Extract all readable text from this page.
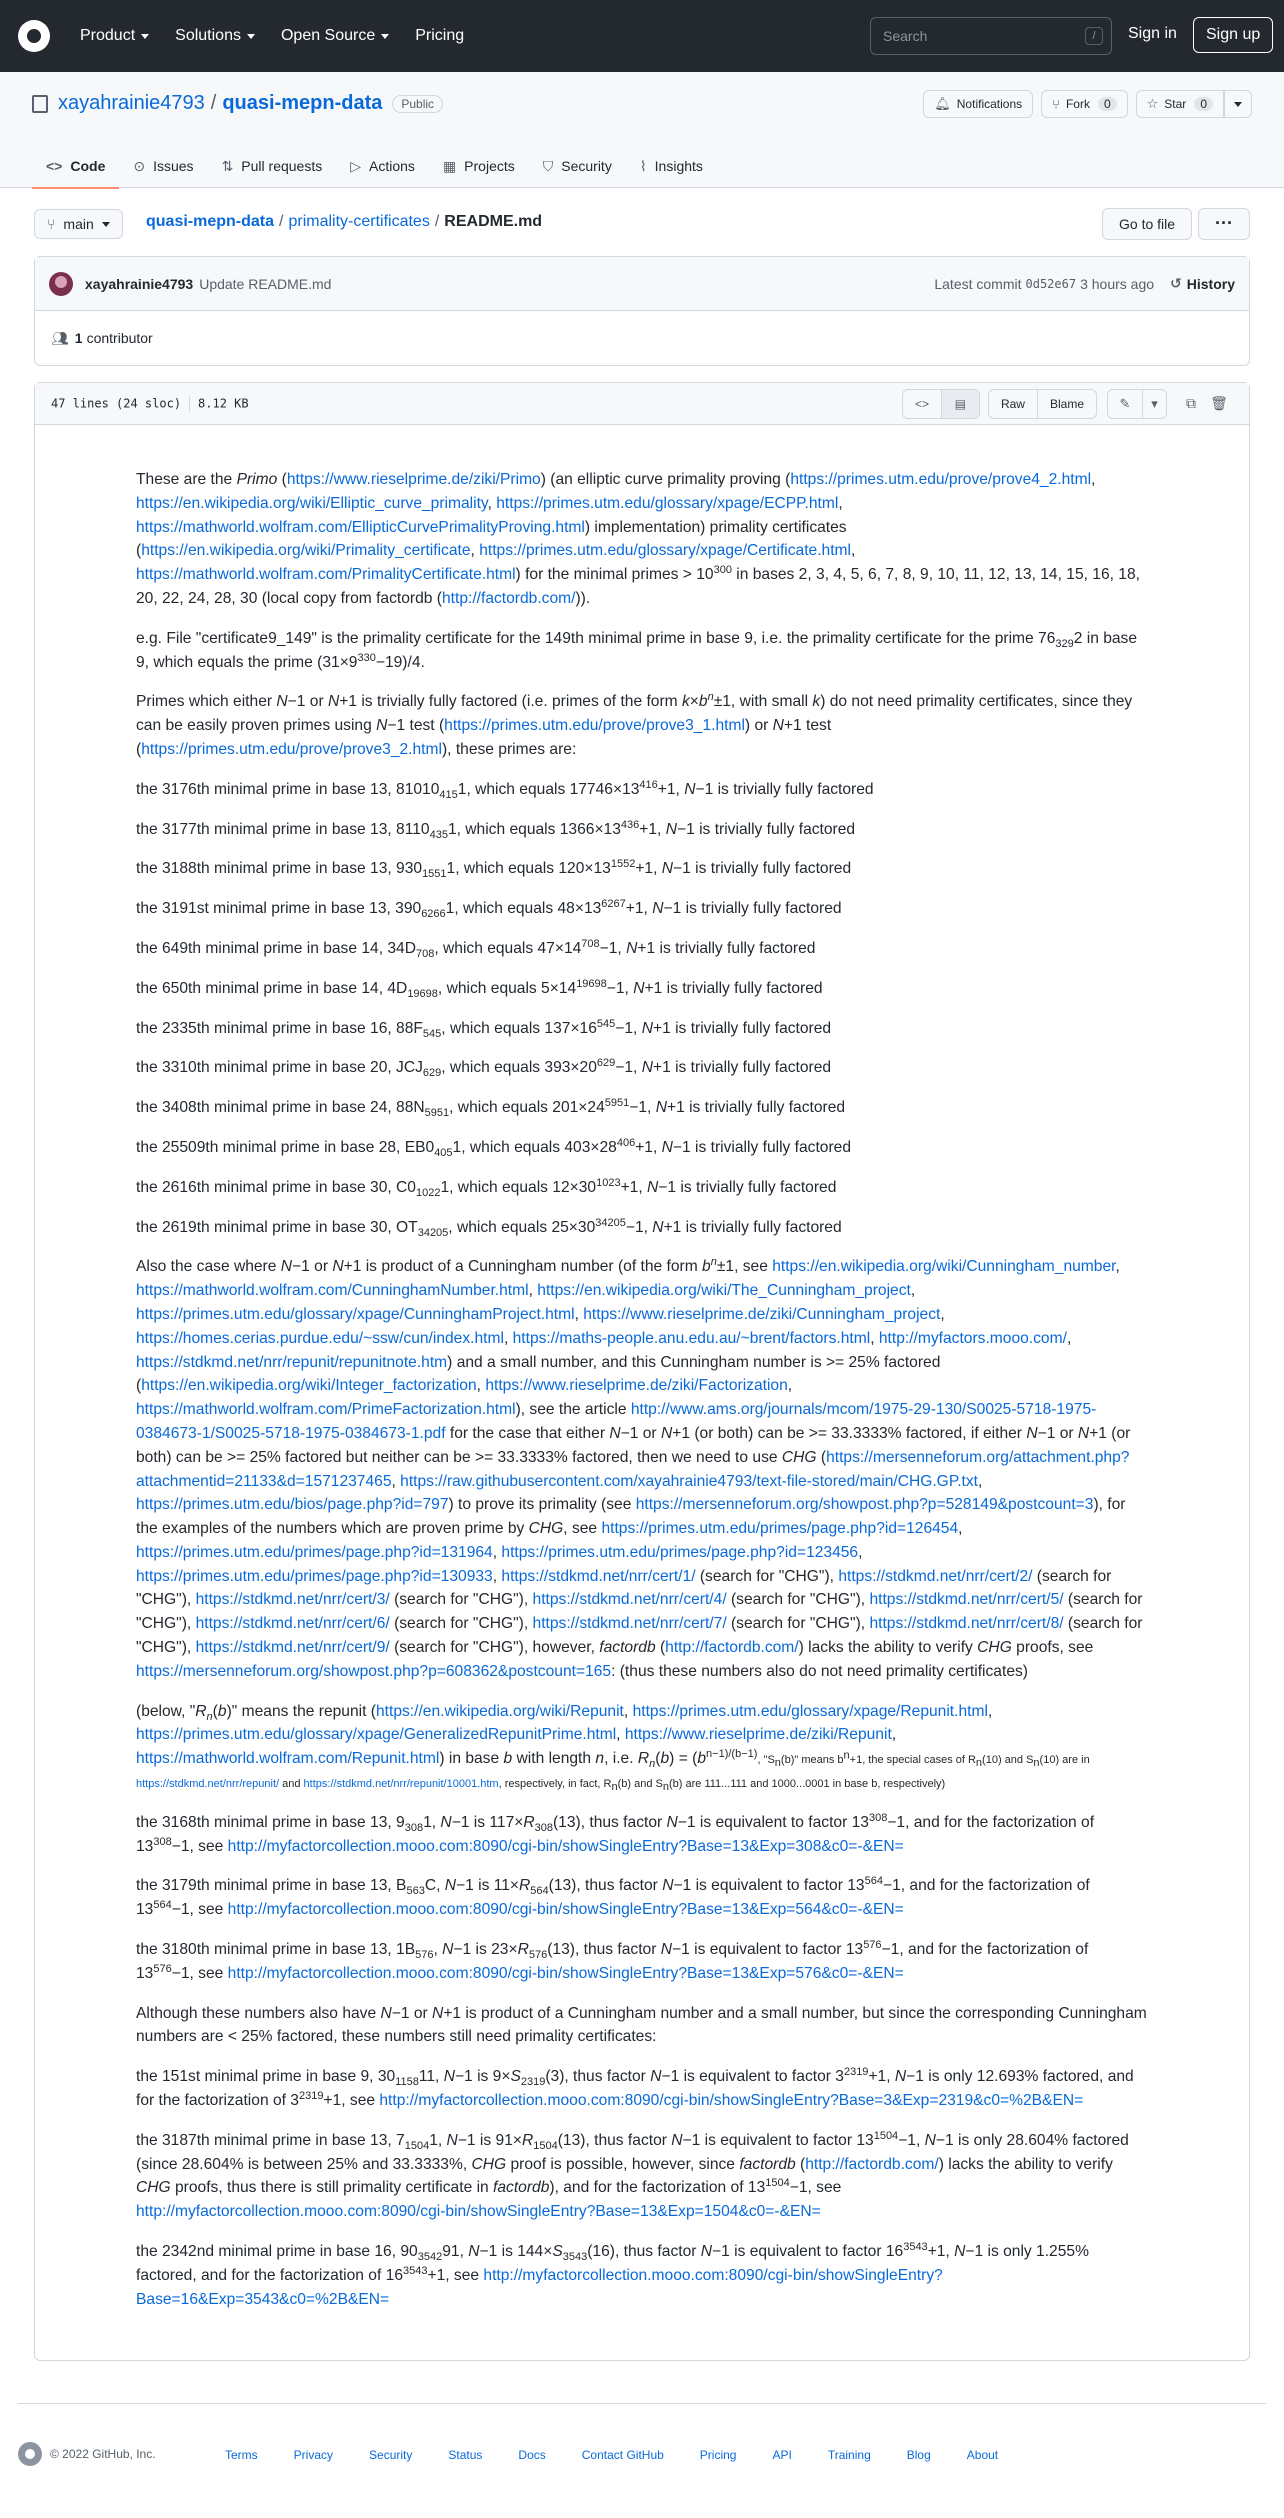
Product	Solutions	Open Source	Pricing	Search	/	Sign in	Sign up
xayahrainie4793 / quasi-mepn-data	Public	🔔︎ Notifications ⑂ Fork	0	☆ Star	0
<> Code ⊙ Issues ⇅ Pull requests ▷ Actions ▦ Projects ⛉ Security ⌇ Insights
⑂ main	quasi-mepn-data / primality-certificates / README.md	Go to file	···
xayahrainie4793 Update README.md	Latest commit 0d52e67 3 hours ago ↺ History
👥︎ 1 contributor
47 lines (24 sloc) 8.12 KB	<>	▤	Raw	Blame	✎	▾	⧉	🗑︎

These are the Primo (https://www.rieselprime.de/ziki/Primo) (an elliptic curve primality proving (https://primes.utm.edu/prove/prove4_2.html, https://en.wikipedia.org/wiki/Elliptic_curve_primality, https://primes.utm.edu/glossary/xpage/ECPP.html, https://mathworld.wolfram.com/EllipticCurvePrimalityProving.html) implementation) primality certificates (https://en.wikipedia.org/wiki/Primality_certificate, https://primes.utm.edu/glossary/xpage/Certificate.html, https://mathworld.wolfram.com/PrimalityCertificate.html) for the minimal primes > $10^{300}$ in bases 2, 3, 4, 5, 6, 7, 8, 9, 10, 11, 12, 13, 14, 15, 16, 18, 20, 22, 24, 28, 30 (local copy from factordb (http://factordb.com/)).

e.g. File "certificate9_149" is the primality certificate for the 149th minimal prime in base 9, i.e. the primality certificate for the prime $76_{329}2$ in base 9, which equals the prime $(31\times 9^{330}-19)/4$.

Primes which either N−1 or N+1 is trivially fully factored (i.e. primes of the form $k\times b^n\pm 1$, with small k) do not need primality certificates, since they can be easily proven primes using N−1 test (https://primes.utm.edu/prove/prove3_1.html) or N+1 test (https://primes.utm.edu/prove/prove3_2.html), these primes are:

the 3176th minimal prime in base 13, $81010_{415}1$, which equals $17746\times 13^{416}+1$, N−1 is trivially fully factored

the 3177th minimal prime in base 13, $8110_{435}1$, which equals $1366\times 13^{436}+1$, N−1 is trivially fully factored

the 3188th minimal prime in base 13, $930_{1551}1$, which equals $120\times 13^{1552}+1$, N−1 is trivially fully factored

the 3191st minimal prime in base 13, $390_{6266}1$, which equals $48\times 13^{6267}+1$, N−1 is trivially fully factored

the 649th minimal prime in base 14, $34D_{708}$, which equals $47\times 14^{708}-1$, N+1 is trivially fully factored

the 650th minimal prime in base 14, $4D_{19698}$, which equals $5\times 14^{19698}-1$, N+1 is trivially fully factored

the 2335th minimal prime in base 16, $88F_{545}$, which equals $137\times 16^{545}-1$, N+1 is trivially fully factored

the 3310th minimal prime in base 20, $JCJ_{629}$, which equals $393\times 20^{629}-1$, N+1 is trivially fully factored

the 3408th minimal prime in base 24, $88N_{5951}$, which equals $201\times 24^{5951}-1$, N+1 is trivially fully factored

the 25509th minimal prime in base 28, $EB0_{405}1$, which equals $403\times 28^{406}+1$, N−1 is trivially fully factored

the 2616th minimal prime in base 30, $C0_{1022}1$, which equals $12\times 30^{1023}+1$, N−1 is trivially fully factored

the 2619th minimal prime in base 30, $OT_{34205}$, which equals $25\times 30^{34205}-1$, N+1 is trivially fully factored

Also the case where N−1 or N+1 is product of a Cunningham number (of the form $b^n\pm 1$, see https://en.wikipedia.org/wiki/Cunningham_number, https://mathworld.wolfram.com/CunninghamNumber.html, https://en.wikipedia.org/wiki/The_Cunningham_project, https://primes.utm.edu/glossary/xpage/CunninghamProject.html, https://www.rieselprime.de/ziki/Cunningham_project, https://homes.cerias.purdue.edu/~ssw/cun/index.html, https://maths-people.anu.edu.au/~brent/factors.html, http://myfactors.mooo.com/, https://stdkmd.net/nrr/repunit/repunitnote.htm) and a small number, and this Cunningham number is >= 25% factored (https://en.wikipedia.org/wiki/Integer_factorization, https://www.rieselprime.de/ziki/Factorization, https://mathworld.wolfram.com/PrimeFactorization.html), see the article http://www.ams.org/journals/mcom/1975-29-130/S0025-5718-1975-0384673-1/S0025-5718-1975-0384673-1.pdf for the case that either N−1 or N+1 (or both) can be >= 33.3333% factored, if either N−1 or N+1 (or both) can be >= 25% factored but neither can be >= 33.3333% factored, then we need to use CHG (https://mersenneforum.org/attachment.php?attachmentid=21133&d=1571237465, https://raw.githubusercontent.com/xayahrainie4793/text-file-stored/main/CHG.GP.txt, https://primes.utm.edu/bios/page.php?id=797) to prove its primality (see https://mersenneforum.org/showpost.php?p=528149&postcount=3), for the examples of the numbers which are proven prime by CHG, see https://primes.utm.edu/primes/page.php?id=126454, https://primes.utm.edu/primes/page.php?id=131964, https://primes.utm.edu/primes/page.php?id=123456, https://primes.utm.edu/primes/page.php?id=130933, https://stdkmd.net/nrr/cert/1/ (search for "CHG"), https://stdkmd.net/nrr/cert/2/ (search for "CHG"), https://stdkmd.net/nrr/cert/3/ (search for "CHG"), https://stdkmd.net/nrr/cert/4/ (search for "CHG"), https://stdkmd.net/nrr/cert/5/ (search for "CHG"), https://stdkmd.net/nrr/cert/6/ (search for "CHG"), https://stdkmd.net/nrr/cert/7/ (search for "CHG"), https://stdkmd.net/nrr/cert/8/ (search for "CHG"), https://stdkmd.net/nrr/cert/9/ (search for "CHG"), however, factordb (http://factordb.com/) lacks the ability to verify CHG proofs, see https://mersenneforum.org/showpost.php?p=608362&postcount=165: (thus these numbers also do not need primality certificates)

(below, "$R_n(b)$" means the repunit (https://en.wikipedia.org/wiki/Repunit, https://primes.utm.edu/glossary/xpage/Repunit.html, https://primes.utm.edu/glossary/xpage/GeneralizedRepunitPrime.html, https://www.rieselprime.de/ziki/Repunit, https://mathworld.wolfram.com/Repunit.html) in base b with length n, i.e. $R_n(b) = (b^{n-1)/(b-1)}$, "$S_n(b)$" means $b^n+1$, the special cases of $R_n(10)$ and $S_n(10)$ are in https://stdkmd.net/nrr/repunit/ and https://stdkmd.net/nrr/repunit/10001.htm, respectively, in fact, $R_n(b)$ and $S_n(b)$ are 111...111 and 1000...0001 in base b, respectively)

the 3168th minimal prime in base 13, $9_{308}1$, N−1 is $117\times R_{308}(13)$, thus factor N−1 is equivalent to factor $13^{308}-1$, and for the factorization of $13^{308}-1$, see http://myfactorcollection.mooo.com:8090/cgi-bin/showSingleEntry?Base=13&Exp=308&c0=-&EN=

the 3179th minimal prime in base 13, $B_{563}C$, N−1 is $11\times R_{564}(13)$, thus factor N−1 is equivalent to factor $13^{564}-1$, and for the factorization of $13^{564}-1$, see http://myfactorcollection.mooo.com:8090/cgi-bin/showSingleEntry?Base=13&Exp=564&c0=-&EN=

the 3180th minimal prime in base 13, $1B_{576}$, N−1 is $23\times R_{576}(13)$, thus factor N−1 is equivalent to factor $13^{576}-1$, and for the factorization of $13^{576}-1$, see http://myfactorcollection.mooo.com:8090/cgi-bin/showSingleEntry?Base=13&Exp=576&c0=-&EN=

Although these numbers also have N−1 or N+1 is product of a Cunningham number and a small number, but since the corresponding Cunningham numbers are < 25% factored, these numbers still need primality certificates:

the 151st minimal prime in base 9, $30_{1158}11$, N−1 is $9\times S_{2319}(3)$, thus factor N−1 is equivalent to factor $3^{2319}+1$, N−1 is only 12.693% factored, and for the factorization of $3^{2319}+1$, see http://myfactorcollection.mooo.com:8090/cgi-bin/showSingleEntry?Base=3&Exp=2319&c0=%2B&EN=

the 3187th minimal prime in base 13, $7_{1504}1$, N−1 is $91\times R_{1504}(13)$, thus factor N−1 is equivalent to factor $13^{1504}-1$, N−1 is only 28.604% factored (since 28.604% is between 25% and 33.3333%, CHG proof is possible, however, since factordb (http://factordb.com/) lacks the ability to verify CHG proofs, thus there is still primality certificate in factordb), and for the factorization of $13^{1504}-1$, see http://myfactorcollection.mooo.com:8090/cgi-bin/showSingleEntry?Base=13&Exp=1504&c0=-&EN=

the 2342nd minimal prime in base 16, $90_{3542}91$, N−1 is $144\times S_{3543}(16)$, thus factor N−1 is equivalent to factor $16^{3543}+1$, N−1 is only 1.255% factored, and for the factorization of $16^{3543}+1$, see http://myfactorcollection.mooo.com:8090/cgi-bin/showSingleEntry?Base=16&Exp=3543&c0=%2B&EN=

© 2022 GitHub, Inc.	Terms	Privacy	Security	Status	Docs	Contact GitHub	Pricing	API	Training	Blog	About
